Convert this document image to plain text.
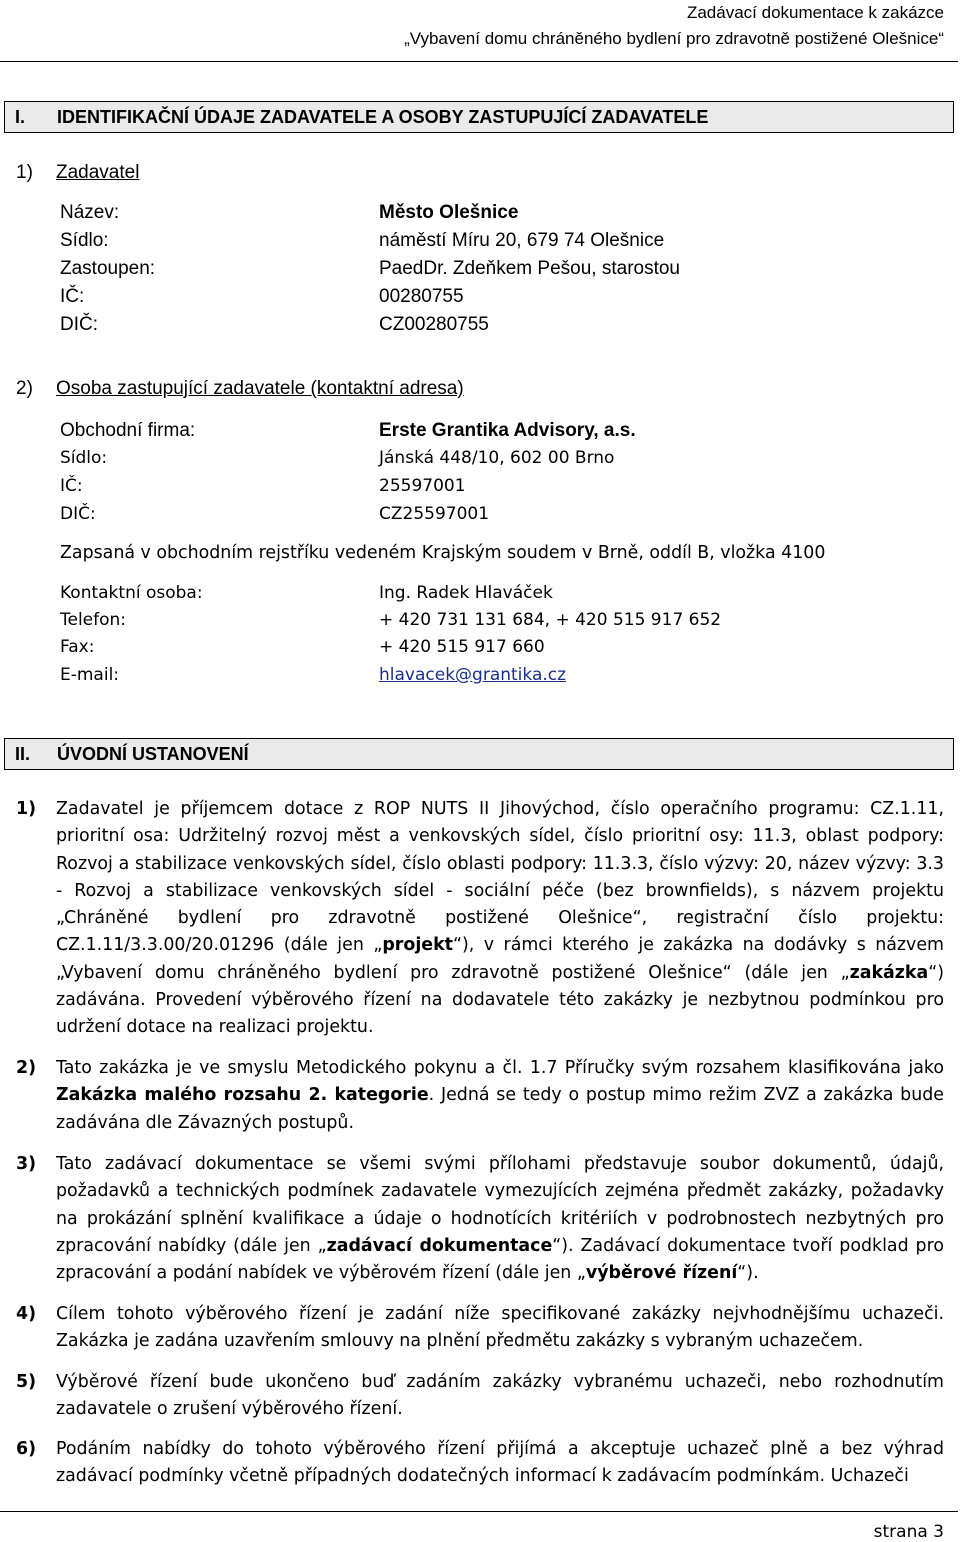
Zadávací dokumentace k zakázce
„Vybavení domu chráněného bydlení pro zdravotně postižené Olešnice“
I. IDENTIFIKAČNÍ ÚDAJE ZADAVATELE A OSOBY ZASTUPUJÍCÍ ZADAVATELE
1) Zadavatel
Název:	Město Olešnice
Sídlo:	náměstí Míru 20, 679 74 Olešnice
Zastoupen:	PaedDr. Zdeňkem Pešou, starostou
IČ:	00280755
DIČ:	CZ00280755
2) Osoba zastupující zadavatele (kontaktní adresa)
Obchodní firma:	Erste Grantika Advisory, a.s.
Sídlo:	Jánská 448/10, 602 00 Brno
IČ:	25597001
DIČ:	CZ25597001
Zapsaná v obchodním rejstříku vedeném Krajským soudem v Brně, oddíl B, vložka 4100
Kontaktní osoba:	Ing. Radek Hlaváček
Telefon:	+ 420 731 131 684, + 420 515 917 652
Fax:	+ 420 515 917 660
E-mail:	hlavacek@grantika.cz
II. ÚVODNÍ USTANOVENÍ
1) Zadavatel je příjemcem dotace z ROP NUTS II Jihovýchod, číslo operačního programu: CZ.1.11, prioritní osa: Udržitelný rozvoj měst a venkovských sídel, číslo prioritní osy: 11.3, oblast podpory: Rozvoj a stabilizace venkovských sídel, číslo oblasti podpory: 11.3.3, číslo výzvy: 20, název výzvy: 3.3 - Rozvoj a stabilizace venkovských sídel - sociální péče (bez brownfields), s názvem projektu „Chráněné bydlení pro zdravotně postižené Olešnice“, registrační číslo projektu: CZ.1.11/3.3.00/20.01296 (dále jen „projekt“), v rámci kterého je zakázka na dodávky s názvem „Vybavení domu chráněného bydlení pro zdravotně postižené Olešnice“ (dále jen „zakázka“) zadávána. Provedení výběrového řízení na dodavatele této zakázky je nezbytnou podmínkou pro udržení dotace na realizaci projektu.
2) Tato zakázka je ve smyslu Metodického pokynu a čl. 1.7 Příručky svým rozsahem klasifikována jako Zakázka malého rozsahu 2. kategorie. Jedná se tedy o postup mimo režim ZVZ a zakázka bude zadávána dle Závazných postupů.
3) Tato zadávací dokumentace se všemi svými přílohami představuje soubor dokumentů, údajů, požadavků a technických podmínek zadavatele vymezujících zejména předmět zakázky, požadavky na prokázání splnění kvalifikace a údaje o hodnotících kritériích v podrobnostech nezbytných pro zpracování nabídky (dále jen „zadávací dokumentace“). Zadávací dokumentace tvoří podklad pro zpracování a podání nabídek ve výběrovém řízení (dále jen „výběrové řízení“).
4) Cílem tohoto výběrového řízení je zadání níže specifikované zakázky nejvhodnějšímu uchazeči. Zakázka je zadána uzavřením smlouvy na plnění předmětu zakázky s vybraným uchazečem.
5) Výběrové řízení bude ukončeno buď zadáním zakázky vybranému uchazeči, nebo rozhodnutím zadavatele o zrušení výběrového řízení.
6) Podáním nabídky do tohoto výběrového řízení přijímá a akceptuje uchazeč plně a bez výhrad zadávací podmínky včetně případných dodatečných informací k zadávacím podmínkám. Uchazeči
strana 3
